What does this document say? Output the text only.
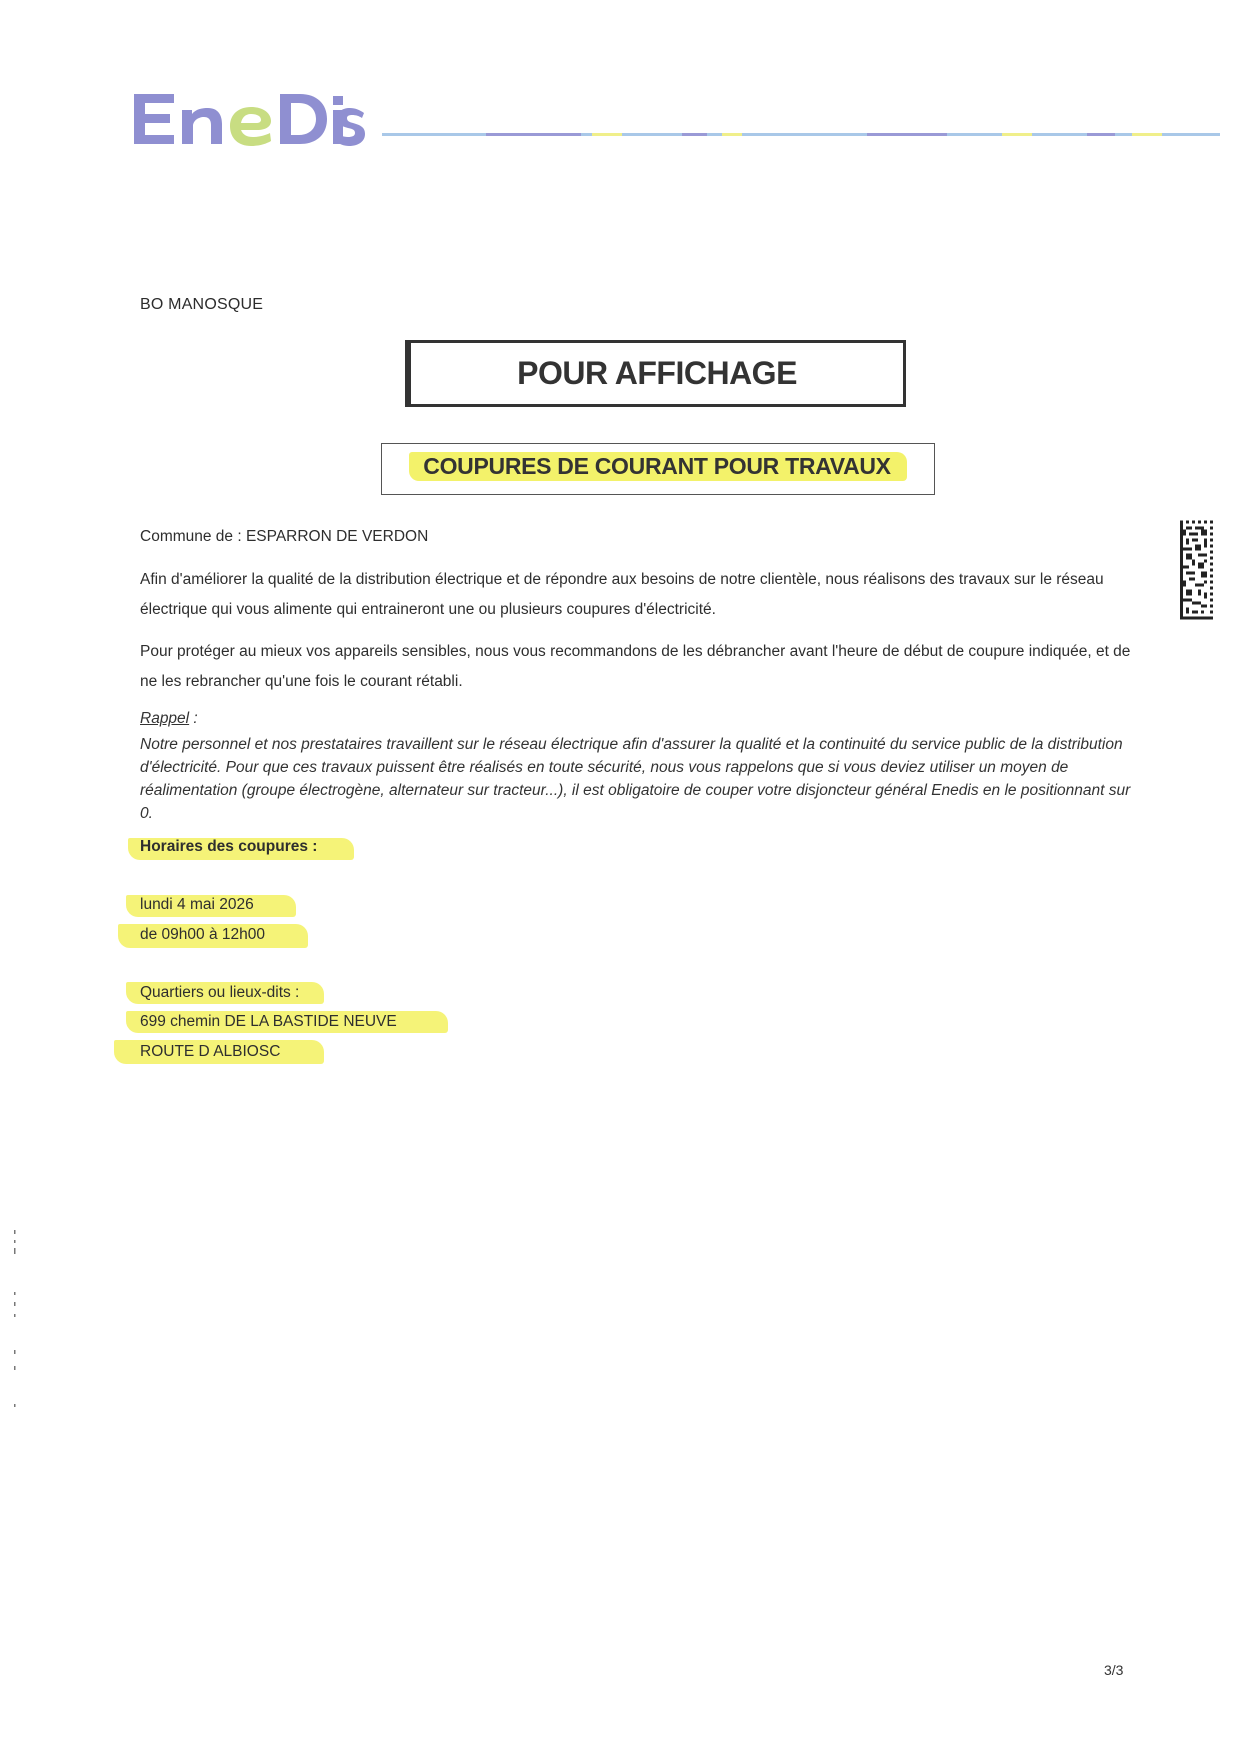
BO MANOSQUE
POUR AFFICHAGE
COUPURES DE COURANT POUR TRAVAUX
Commune de : ESPARRON DE VERDON
Afin d'améliorer la qualité de la distribution électrique et de répondre aux besoins de notre clientèle, nous réalisons des travaux sur le réseau électrique qui vous alimente qui entraineront une ou plusieurs coupures d'électricité.
Pour protéger au mieux vos appareils sensibles, nous vous recommandons de les débrancher avant l'heure de début de coupure indiquée, et de ne les rebrancher qu'une fois le courant rétabli.
Rappel :
Notre personnel et nos prestataires travaillent sur le réseau électrique afin d'assurer la qualité et la continuité du service public de la distribution d'électricité. Pour que ces travaux puissent être réalisés en toute sécurité, nous vous rappelons que si vous deviez utiliser un moyen de réalimentation (groupe électrogène, alternateur sur tracteur...), il est obligatoire de couper votre disjoncteur général Enedis en le positionnant sur 0.
Horaires des coupures :
lundi 4 mai 2026
de 09h00 à 12h00
Quartiers ou lieux-dits :
699 chemin DE LA BASTIDE NEUVE
ROUTE D ALBIOSC
3/3
